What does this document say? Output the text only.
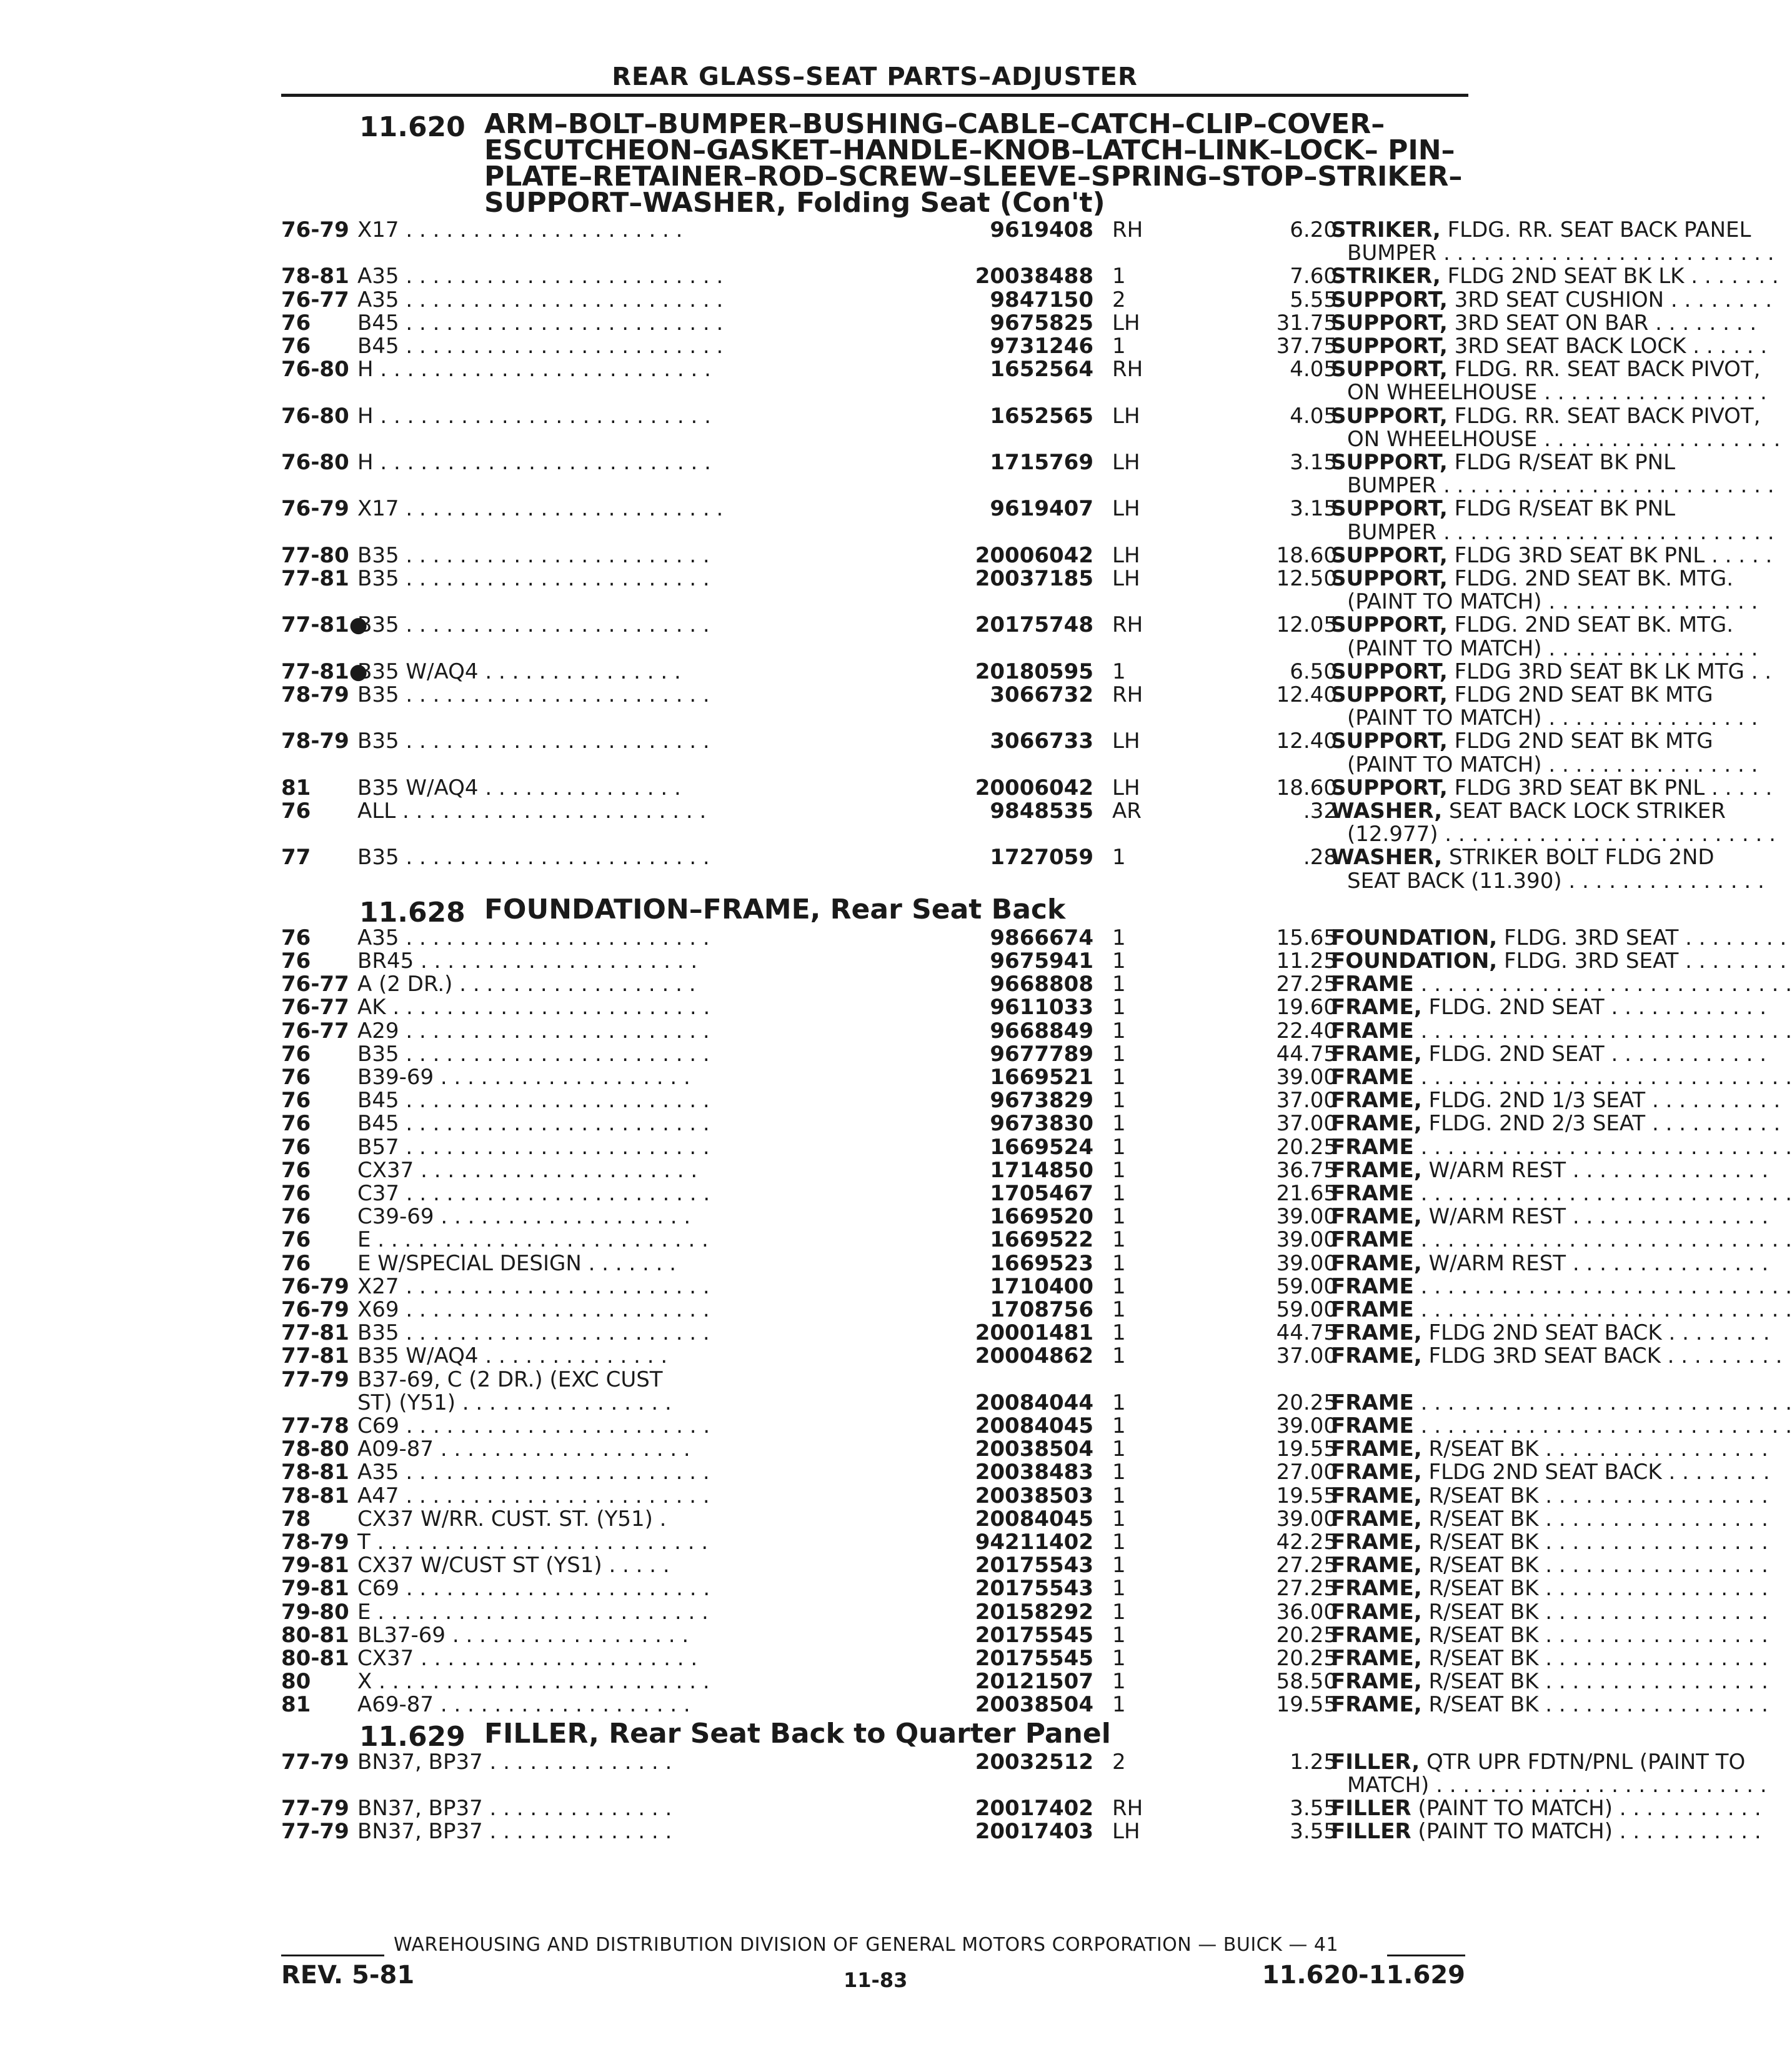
REAR GLASS–SEAT PARTS–ADJUSTER
11.620 ARM–BOLT–BUMPER–BUSHING–CABLE–CATCH–CLIP–COVER–
ESCUTCHEON–GASKET–HANDLE–KNOB–LATCH–LINK–LOCK– PIN–
PLATE–RETAINER–ROD–SCREW–SLEEVE–SPRING–STOP–STRIKER–
SUPPORT–WASHER, Folding Seat (Con't)
76-79 X17 . . . . . . . . . . . . . . . . . . . . .	9619408 RH	6.20
STRIKER, FLDG. RR. SEAT BACK PANEL
BUMPER . . . . . . . . . . . . . . . . . . . . . . . . .
78-81 A35 . . . . . . . . . . . . . . . . . . . . . . . .	20038488 1	7.60
STRIKER, FLDG 2ND SEAT BK LK . . . . . . .
76-77 A35 . . . . . . . . . . . . . . . . . . . . . . . .	9847150 2	5.55
SUPPORT, 3RD SEAT CUSHION . . . . . . . .
76	B45 . . . . . . . . . . . . . . . . . . . . . . . .	9675825 LH	31.75
SUPPORT, 3RD SEAT ON BAR . . . . . . . .
76	B45 . . . . . . . . . . . . . . . . . . . . . . . .	9731246 1	37.75
SUPPORT, 3RD SEAT BACK LOCK . . . . . .
76-80 H . . . . . . . . . . . . . . . . . . . . . . . . .	1652564 RH	4.05
SUPPORT, FLDG. RR. SEAT BACK PIVOT,
ON WHEELHOUSE . . . . . . . . . . . . . . . . .
76-80 H . . . . . . . . . . . . . . . . . . . . . . . . .	1652565 LH	4.05
SUPPORT, FLDG. RR. SEAT BACK PIVOT,
ON WHEELHOUSE . . . . . . . . . . . . . . . . . .
76-80 H . . . . . . . . . . . . . . . . . . . . . . . . .	1715769 LH	3.15
SUPPORT, FLDG R/SEAT BK PNL
BUMPER . . . . . . . . . . . . . . . . . . . . . . . . .
76-79 X17 . . . . . . . . . . . . . . . . . . . . . . . .	9619407 LH	3.15
SUPPORT, FLDG R/SEAT BK PNL
BUMPER . . . . . . . . . . . . . . . . . . . . . . . . .
77-80 B35 . . . . . . . . . . . . . . . . . . . . . . .	20006042 LH	18.60
SUPPORT, FLDG 3RD SEAT BK PNL . . . . .
77-81 B35 . . . . . . . . . . . . . . . . . . . . . . .	20037185 LH	12.50
SUPPORT, FLDG. 2ND SEAT BK. MTG.
(PAINT TO MATCH) . . . . . . . . . . . . . . . .
77-81●
B35 . . . . . . . . . . . . . . . . . . . . . . .	20175748 RH	12.05
SUPPORT, FLDG. 2ND SEAT BK. MTG.
(PAINT TO MATCH) . . . . . . . . . . . . . . . .
77-81●
B35 W/AQ4 . . . . . . . . . . . . . . .	20180595 1	6.50
SUPPORT, FLDG 3RD SEAT BK LK MTG . .
78-79 B35 . . . . . . . . . . . . . . . . . . . . . . .	3066732 RH	12.40
SUPPORT, FLDG 2ND SEAT BK MTG
(PAINT TO MATCH) . . . . . . . . . . . . . . . .
78-79 B35 . . . . . . . . . . . . . . . . . . . . . . .	3066733 LH	12.40
SUPPORT, FLDG 2ND SEAT BK MTG
(PAINT TO MATCH) . . . . . . . . . . . . . . . .
81	B35 W/AQ4 . . . . . . . . . . . . . . .	20006042 LH	18.60
SUPPORT, FLDG 3RD SEAT BK PNL . . . . .
76	ALL . . . . . . . . . . . . . . . . . . . . . . .	9848535 AR	.32
WASHER, SEAT BACK LOCK STRIKER
(12.977) . . . . . . . . . . . . . . . . . . . . . . . . .
77	B35 . . . . . . . . . . . . . . . . . . . . . . .	1727059 1	.28
WASHER, STRIKER BOLT FLDG 2ND
SEAT BACK (11.390) . . . . . . . . . . . . . . .
11.628 FOUNDATION–FRAME, Rear Seat Back
76	A35 . . . . . . . . . . . . . . . . . . . . . . .	9866674 1	15.65
FOUNDATION, FLDG. 3RD SEAT . . . . . . . .
76	BR45 . . . . . . . . . . . . . . . . . . . . .	9675941 1	11.25
FOUNDATION, FLDG. 3RD SEAT . . . . . . . .
76-77 A (2 DR.) . . . . . . . . . . . . . . . . . .	9668808 1	27.25
FRAME . . . . . . . . . . . . . . . . . . . . . . . . . . . .
76-77 AK . . . . . . . . . . . . . . . . . . . . . . . .	9611033 1	19.60
FRAME, FLDG. 2ND SEAT . . . . . . . . . . . .
76-77 A29 . . . . . . . . . . . . . . . . . . . . . . .	9668849 1	22.40
FRAME . . . . . . . . . . . . . . . . . . . . . . . . . . . .
76	B35 . . . . . . . . . . . . . . . . . . . . . . .	9677789 1	44.75
FRAME, FLDG. 2ND SEAT . . . . . . . . . . . .
76	B39-69 . . . . . . . . . . . . . . . . . . .	1669521 1	39.00
FRAME . . . . . . . . . . . . . . . . . . . . . . . . . . . .
76	B45 . . . . . . . . . . . . . . . . . . . . . . .	9673829 1	37.00
FRAME, FLDG. 2ND 1/3 SEAT . . . . . . . . . .
76	B45 . . . . . . . . . . . . . . . . . . . . . . .	9673830 1	37.00
FRAME, FLDG. 2ND 2/3 SEAT . . . . . . . . . .
76	B57 . . . . . . . . . . . . . . . . . . . . . . .	1669524 1	20.25
FRAME . . . . . . . . . . . . . . . . . . . . . . . . . . . .
76	CX37 . . . . . . . . . . . . . . . . . . . . .	1714850 1	36.75
FRAME, W/ARM REST . . . . . . . . . . . . . . .
76	C37 . . . . . . . . . . . . . . . . . . . . . . .	1705467 1	21.65
FRAME . . . . . . . . . . . . . . . . . . . . . . . . . . . .
76	C39-69 . . . . . . . . . . . . . . . . . . .	1669520 1	39.00
FRAME, W/ARM REST . . . . . . . . . . . . . . .
76	E . . . . . . . . . . . . . . . . . . . . . . . . .	1669522 1	39.00
FRAME . . . . . . . . . . . . . . . . . . . . . . . . . . . .
76	E W/SPECIAL DESIGN . . . . . . .	1669523 1	39.00
FRAME, W/ARM REST . . . . . . . . . . . . . . .
76-79 X27 . . . . . . . . . . . . . . . . . . . . . . .	1710400 1	59.00
FRAME . . . . . . . . . . . . . . . . . . . . . . . . . . . .
76-79 X69 . . . . . . . . . . . . . . . . . . . . . . .	1708756 1	59.00
FRAME . . . . . . . . . . . . . . . . . . . . . . . . . . . .
77-81 B35 . . . . . . . . . . . . . . . . . . . . . . .	20001481 1	44.75
FRAME, FLDG 2ND SEAT BACK . . . . . . . .
77-81 B35 W/AQ4 . . . . . . . . . . . . . .	20004862 1	37.00
FRAME, FLDG 3RD SEAT BACK . . . . . . . . .
77-79 B37-69, C (2 DR.) (EXC CUST
ST) (Y51) . . . . . . . . . . . . . . . .	20084044 1	20.25
FRAME . . . . . . . . . . . . . . . . . . . . . . . . . . . .
77-78 C69 . . . . . . . . . . . . . . . . . . . . . . .	20084045 1	39.00
FRAME . . . . . . . . . . . . . . . . . . . . . . . . . . . .
78-80 A09-87 . . . . . . . . . . . . . . . . . . .	20038504 1	19.55
FRAME, R/SEAT BK . . . . . . . . . . . . . . . . .
78-81 A35 . . . . . . . . . . . . . . . . . . . . . . .	20038483 1	27.00
FRAME, FLDG 2ND SEAT BACK . . . . . . . .
78-81 A47 . . . . . . . . . . . . . . . . . . . . . . .	20038503 1	19.55
FRAME, R/SEAT BK . . . . . . . . . . . . . . . . .
78	CX37 W/RR. CUST. ST. (Y51) .	20084045 1	39.00
FRAME, R/SEAT BK . . . . . . . . . . . . . . . . .
78-79 T . . . . . . . . . . . . . . . . . . . . . . . . .	94211402 1	42.25
FRAME, R/SEAT BK . . . . . . . . . . . . . . . . .
79-81 CX37 W/CUST ST (YS1) . . . . .	20175543 1	27.25
FRAME, R/SEAT BK . . . . . . . . . . . . . . . . .
79-81 C69 . . . . . . . . . . . . . . . . . . . . . . .	20175543 1	27.25
FRAME, R/SEAT BK . . . . . . . . . . . . . . . . .
79-80 E . . . . . . . . . . . . . . . . . . . . . . . . .	20158292 1	36.00
FRAME, R/SEAT BK . . . . . . . . . . . . . . . . .
80-81 BL37-69 . . . . . . . . . . . . . . . . . .	20175545 1	20.25
FRAME, R/SEAT BK . . . . . . . . . . . . . . . . .
80-81 CX37 . . . . . . . . . . . . . . . . . . . . .	20175545 1	20.25
FRAME, R/SEAT BK . . . . . . . . . . . . . . . . .
80	X . . . . . . . . . . . . . . . . . . . . . . . . .	20121507 1	58.50
FRAME, R/SEAT BK . . . . . . . . . . . . . . . . .
81	A69-87 . . . . . . . . . . . . . . . . . . .	20038504 1	19.55
FRAME, R/SEAT BK . . . . . . . . . . . . . . . . .
11.629 FILLER, Rear Seat Back to Quarter Panel
77-79 BN37, BP37 . . . . . . . . . . . . . .	20032512 2	1.25
FILLER, QTR UPR FDTN/PNL (PAINT TO
MATCH) . . . . . . . . . . . . . . . . . . . . . . . . .
77-79 BN37, BP37 . . . . . . . . . . . . . .	20017402 RH	3.55
FILLER (PAINT TO MATCH) . . . . . . . . . . .
77-79 BN37, BP37 . . . . . . . . . . . . . .	20017403 LH	3.55
FILLER (PAINT TO MATCH) . . . . . . . . . . .
WAREHOUSING AND DISTRIBUTION DIVISION OF GENERAL MOTORS CORPORATION — BUICK — 41
REV. 5-81	11-83	11.620-11.629
